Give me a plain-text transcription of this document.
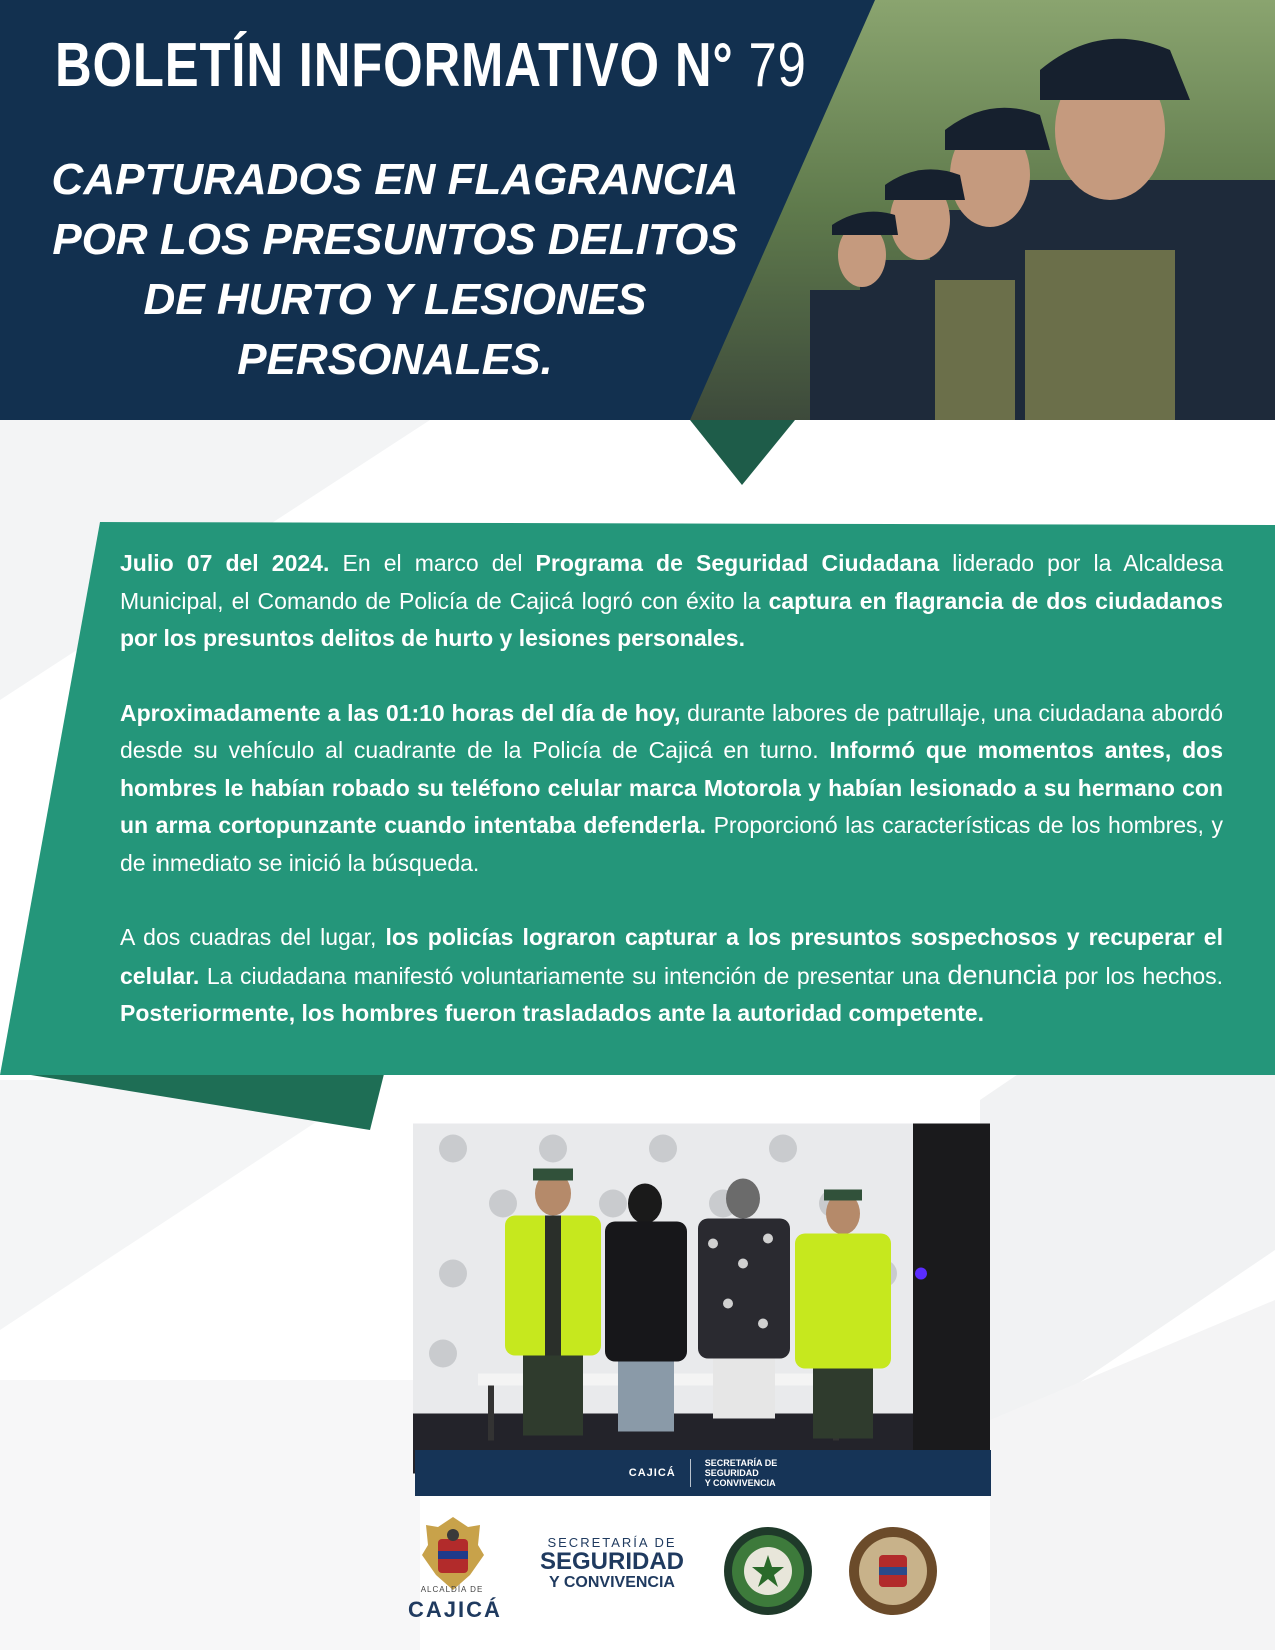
BOLETÍN INFORMATIVO N° 79
CAPTURADOS EN FLAGRANCIA
POR LOS PRESUNTOS DELITOS
DE HURTO Y LESIONES
PERSONALES.

Julio 07 del 2024. En el marco del Programa de Seguridad Ciudadana liderado por la Alcaldesa Municipal, el Comando de Policía de Cajicá logró con éxito la captura en flagrancia de dos ciudadanos por los presuntos delitos de hurto y lesiones personales.

Aproximadamente a las 01:10 horas del día de hoy, durante labores de patrullaje, una ciudadana abordó desde su vehículo al cuadrante de la Policía de Cajicá en turno. Informó que momentos antes, dos hombres le habían robado su teléfono celular marca Motorola y habían lesionado a su hermano con un arma cortopunzante cuando intentaba defenderla. Proporcionó las características de los hombres, y de inmediato se inició la búsqueda.

A dos cuadras del lugar, los policías lograron capturar a los presuntos sospechosos y recuperar el celular. La ciudadana manifestó voluntariamente su intención de presentar una denuncia por los hechos. Posteriormente, los hombres fueron trasladados ante la autoridad competente.

CAJICÁ
SECRETARÍA DE
SEGURIDAD
Y CONVIVENCIA
ALCALDÍA DE
CAJICÁ
SECRETARÍA DE
SEGURIDAD
Y CONVIVENCIA
